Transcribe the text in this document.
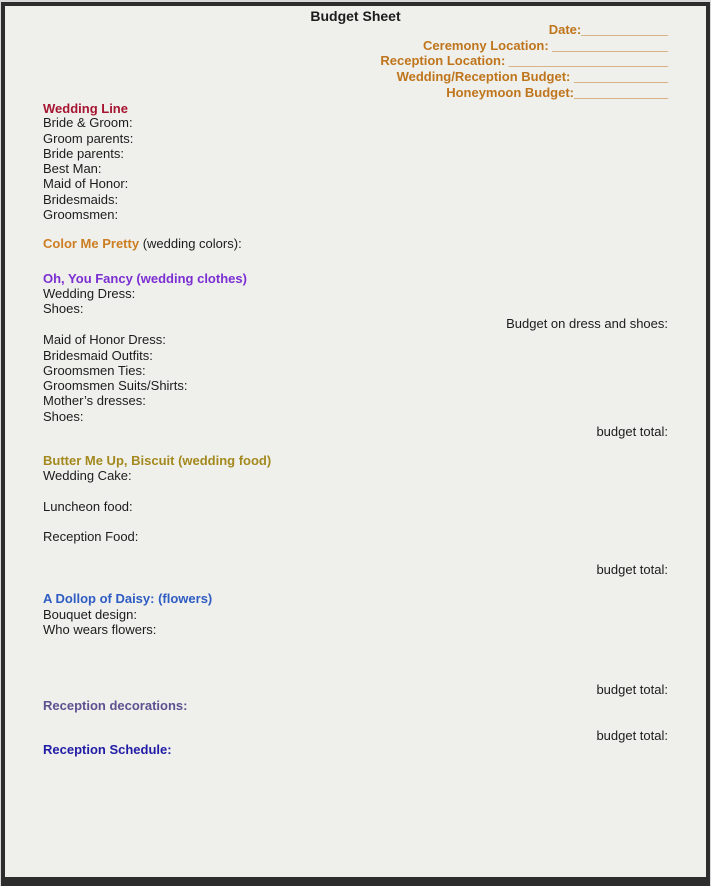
Budget Sheet
Date:____________
Ceremony Location: ________________
Reception Location: ______________________
Wedding/Reception Budget: _____________
Honeymoon Budget:_____________
Wedding Line
Bride & Groom:
Groom parents:
Bride parents:
Best Man:
Maid of Honor:
Bridesmaids:
Groomsmen:
Color Me Pretty (wedding colors):
Oh, You Fancy (wedding clothes)
Wedding Dress:
Shoes:
Budget on dress and shoes:
Maid of Honor Dress:
Bridesmaid Outfits:
Groomsmen Ties:
Groomsmen Suits/Shirts:
Mother’s dresses:
Shoes:
budget total:
Butter Me Up, Biscuit (wedding food)
Wedding Cake:
Luncheon food:
Reception Food:
budget total:
A Dollop of Daisy: (flowers)
Bouquet design:
Who wears flowers:
budget total:
Reception decorations:
budget total:
Reception Schedule:
